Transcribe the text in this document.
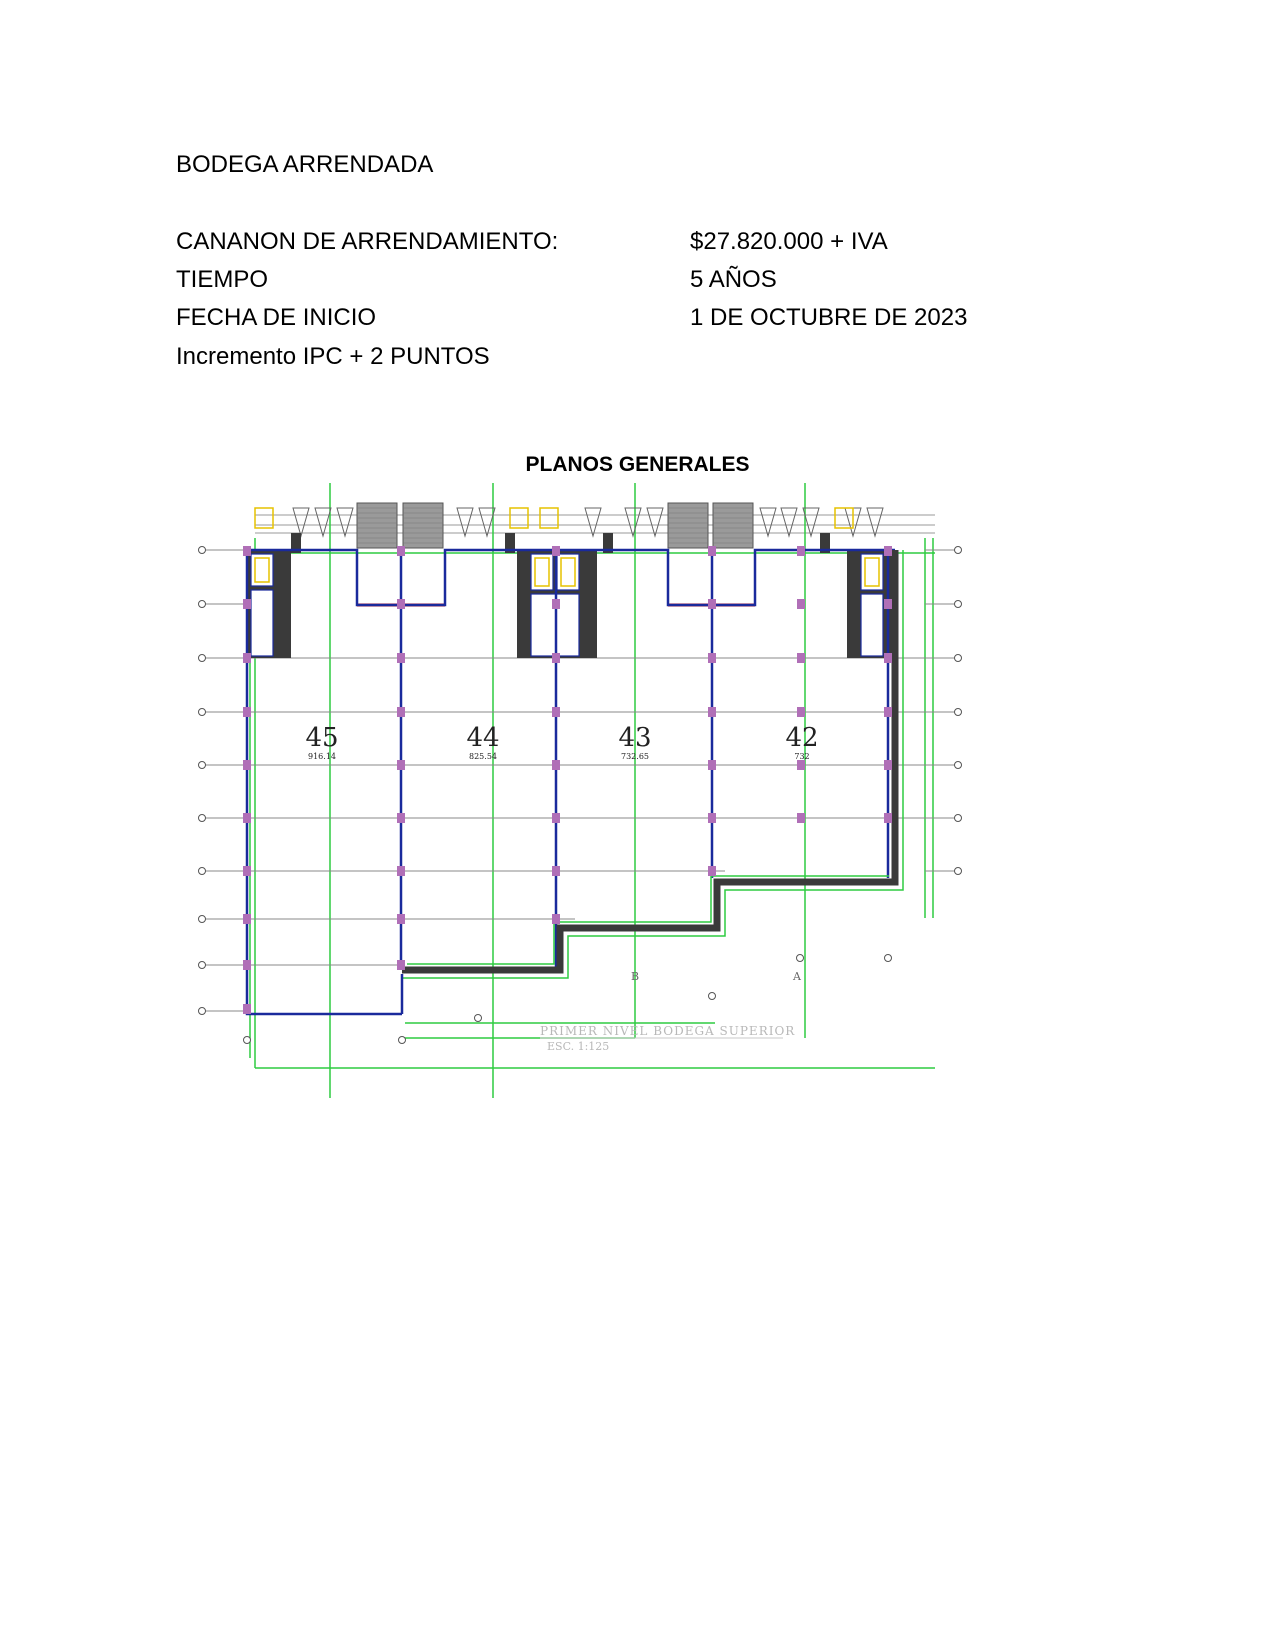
BODEGA ARRENDADA
CANANON DE ARRENDAMIENTO:	$27.820.000 + IVA
TIEMPO	5 AÑOS
FECHA DE INICIO	1 DE OCTUBRE DE 2023
Incremento IPC + 2 PUNTOS
PLANOS GENERALES
45
916.14
44
825.54
43
732.65
42
732
B	A
PRIMER NIVEL BODEGA SUPERIOR
ESC. 1:125
